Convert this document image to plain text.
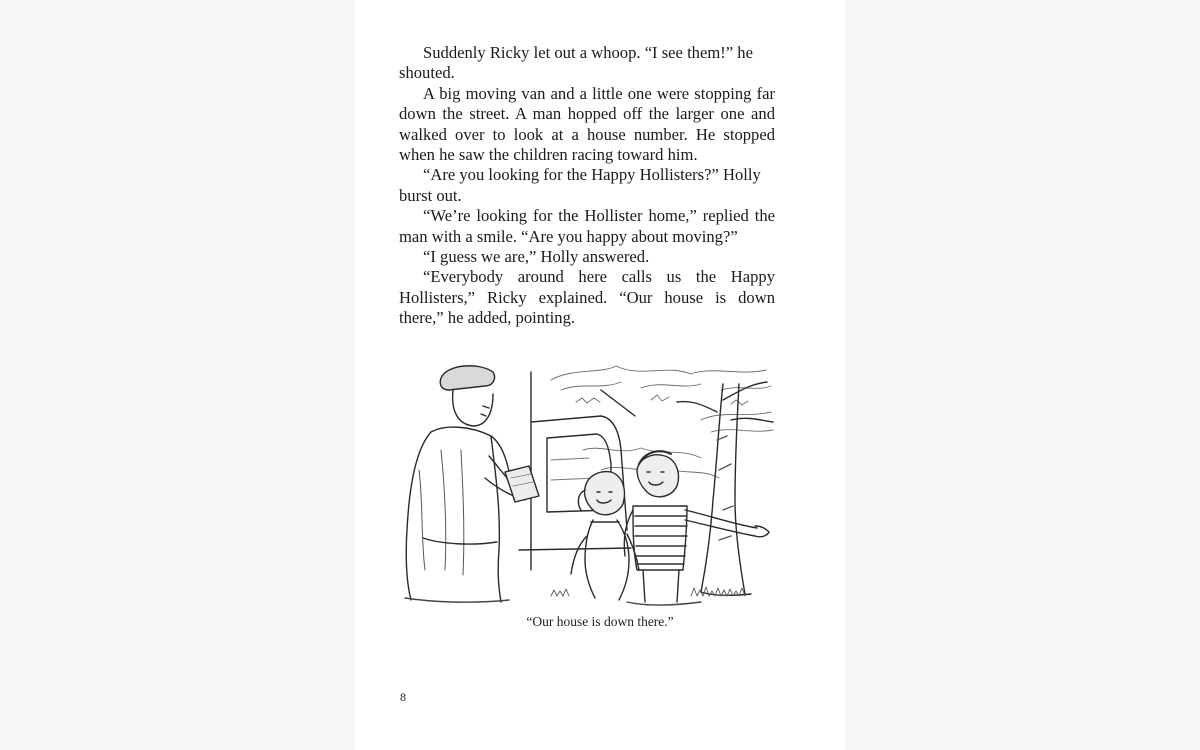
Suddenly Ricky let out a whoop. “I see them!” he shouted.

A big moving van and a little one were stopping far down the street. A man hopped off the larger one and walked over to look at a house number. He stopped when he saw the children racing toward him.

“Are you looking for the Happy Hollisters?” Holly burst out.

“We’re looking for the Hollister home,” replied the man with a smile. “Are you happy about moving?”

“I guess we are,” Holly answered.

“Everybody around here calls us the Happy Hollisters,” Ricky explained. “Our house is down there,” he added, pointing.

“Our house is down there.”
8
